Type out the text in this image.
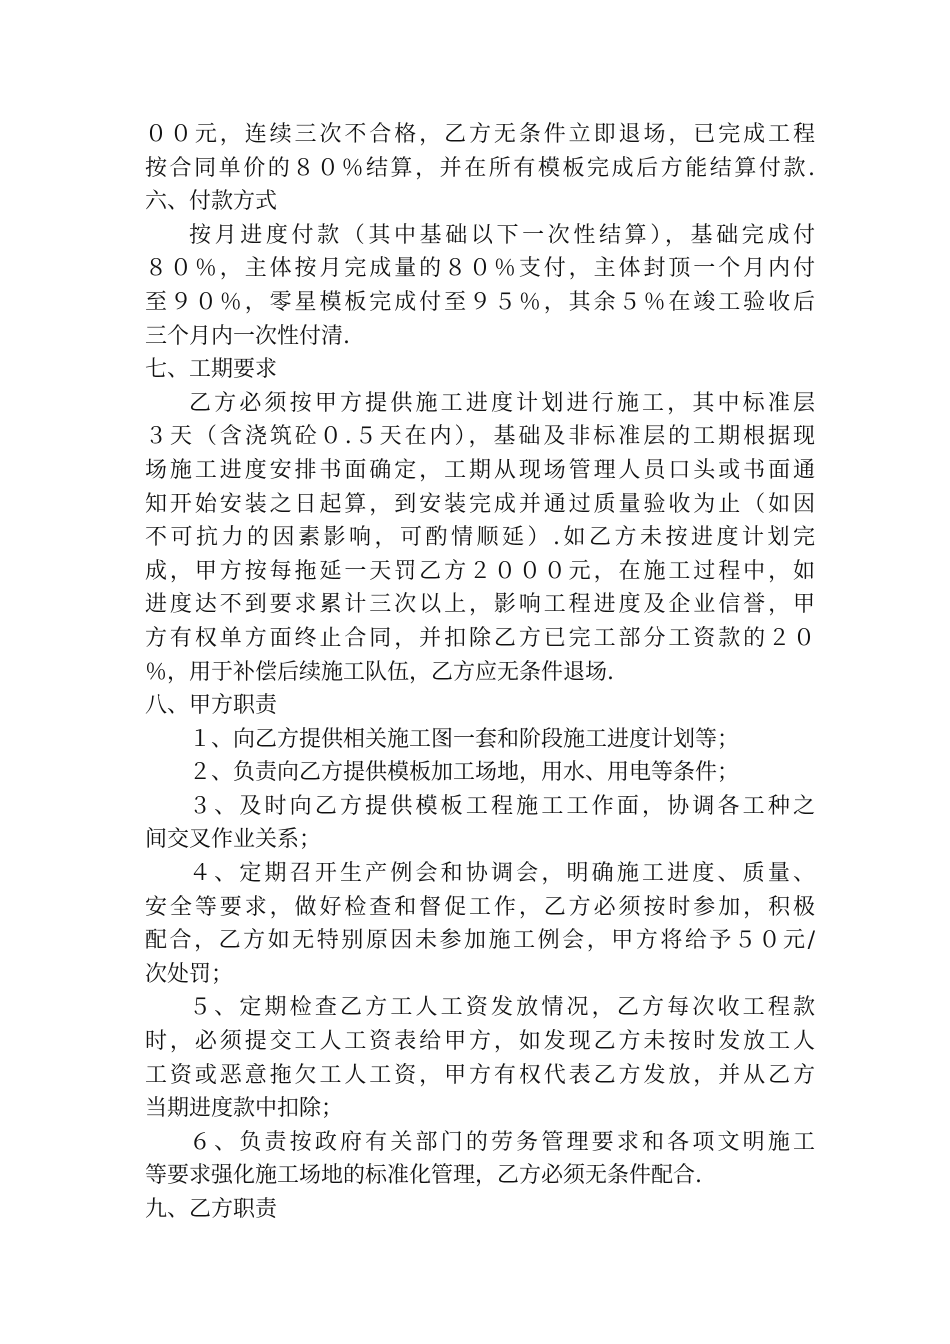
００元，连续三次不合格，乙方无条件立即退场，已完成工程
按合同单价的８０％结算，并在所有模板完成后方能结算付款.
六、付款方式
按月进度付款（其中基础以下一次性结算），基础完成付
８０％，主体按月完成量的８０％支付，主体封顶一个月内付
至９０％，零星模板完成付至９５％，其余５％在竣工验收后
三个月内一次性付清.
七、工期要求
乙方必须按甲方提供施工进度计划进行施工，其中标准层
３天（含浇筑砼０.５天在内），基础及非标准层的工期根据现
场施工进度安排书面确定，工期从现场管理人员口头或书面通
知开始安装之日起算，到安装完成并通过质量验收为止（如因
不可抗力的因素影响，可酌情顺延）.如乙方未按进度计划完
成，甲方按每拖延一天罚乙方２０００元，在施工过程中，如
进度达不到要求累计三次以上，影响工程进度及企业信誉，甲
方有权单方面终止合同，并扣除乙方已完工部分工资款的２０
％，用于补偿后续施工队伍，乙方应无条件退场.
八、甲方职责
１、向乙方提供相关施工图一套和阶段施工进度计划等；
２、负责向乙方提供模板加工场地，用水、用电等条件；
３、及时向乙方提供模板工程施工工作面，协调各工种之
间交叉作业关系；
４、定期召开生产例会和协调会，明确施工进度、质量、
安全等要求，做好检查和督促工作，乙方必须按时参加，积极
配合，乙方如无特别原因未参加施工例会，甲方将给予５０元/
次处罚；
５、定期检查乙方工人工资发放情况，乙方每次收工程款
时，必须提交工人工资表给甲方，如发现乙方未按时发放工人
工资或恶意拖欠工人工资，甲方有权代表乙方发放，并从乙方
当期进度款中扣除；
６、负责按政府有关部门的劳务管理要求和各项文明施工
等要求强化施工场地的标准化管理，乙方必须无条件配合.
九、乙方职责
